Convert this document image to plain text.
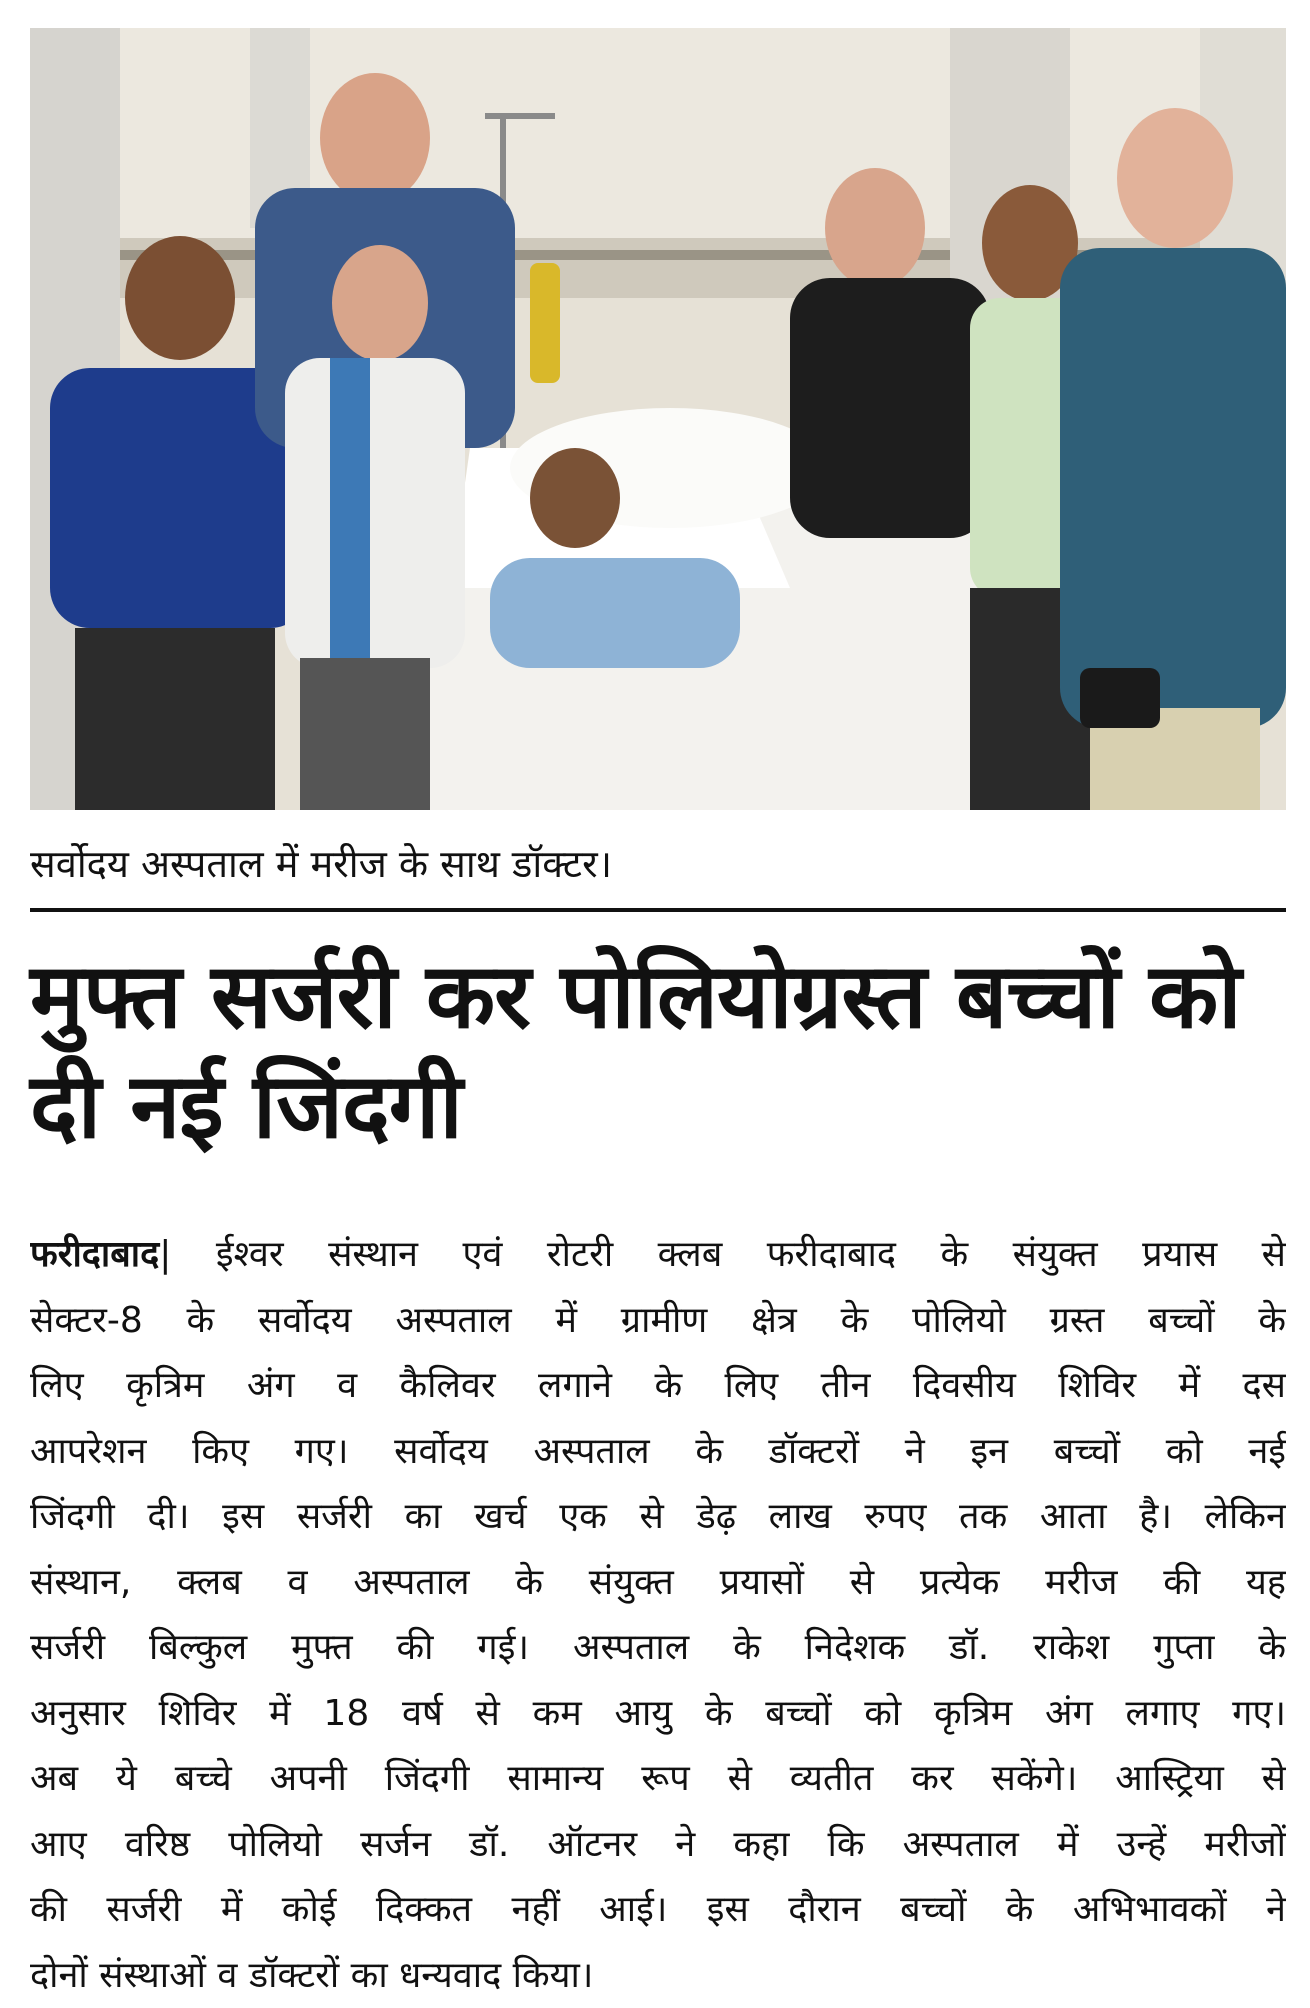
सर्वोदय अस्पताल में मरीज के साथ डॉक्टर।
मुफ्त सर्जरी कर पोलियोग्रस्त बच्चों को
दी नई जिंदगी
फरीदाबाद| ईश्वर संस्थान एवं रोटरी क्लब फरीदाबाद के संयुक्त प्रयास से
सेक्टर-8 के सर्वोदय अस्पताल में ग्रामीण क्षेत्र के पोलियो ग्रस्त बच्चों के
लिए कृत्रिम अंग व कैलिवर लगाने के लिए तीन दिवसीय शिविर में दस
आपरेशन किए गए। सर्वोदय अस्पताल के डॉक्टरों ने इन बच्चों को नई
जिंदगी दी। इस सर्जरी का खर्च एक से डेढ़ लाख रुपए तक आता है। लेकिन
संस्थान, क्लब व अस्पताल के संयुक्त प्रयासों से प्रत्येक मरीज की यह
सर्जरी बिल्कुल मुफ्त की गई। अस्पताल के निदेशक डॉ. राकेश गुप्ता के
अनुसार शिविर में 18 वर्ष से कम आयु के बच्चों को कृत्रिम अंग लगाए गए।
अब ये बच्चे अपनी जिंदगी सामान्य रूप से व्यतीत कर सकेंगे। आस्ट्रिया से
आए वरिष्ठ पोलियो सर्जन डॉ. ऑटनर ने कहा कि अस्पताल में उन्हें मरीजों
की सर्जरी में कोई दिक्कत नहीं आई। इस दौरान बच्चों के अभिभावकों ने
दोनों संस्थाओं व डॉक्टरों का धन्यवाद किया।
